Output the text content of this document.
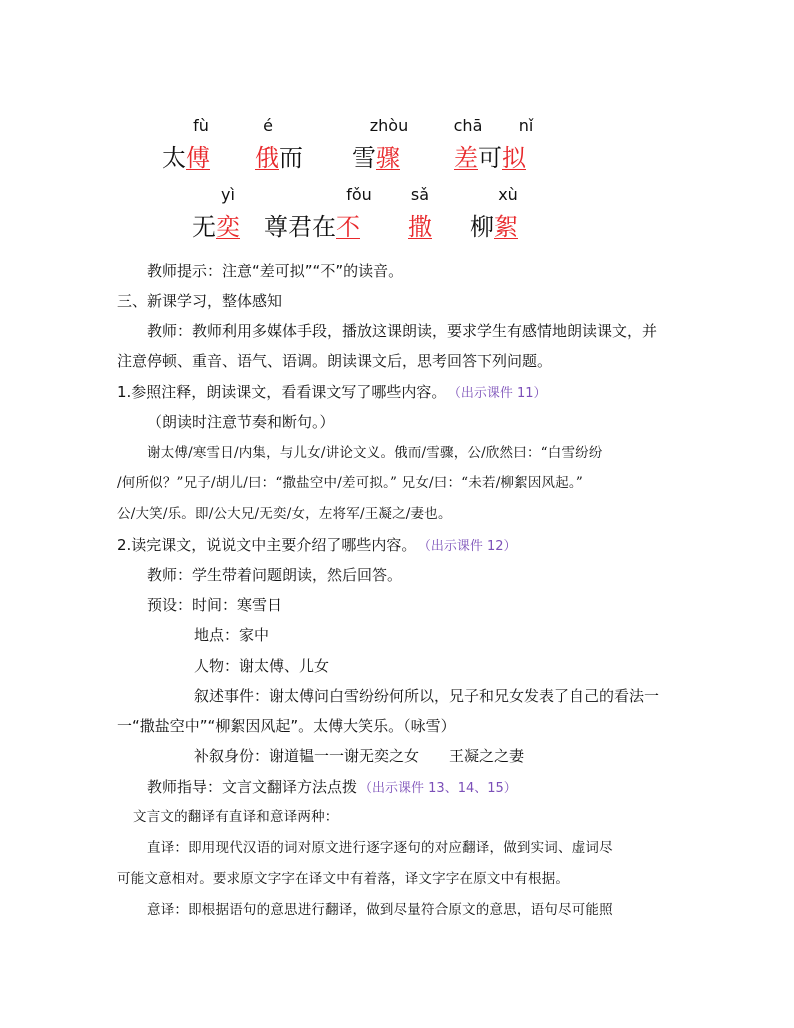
fù	é	zhòu	chā nǐ
太傅 俄而 雪骤 差可拟
yì	fǒu sǎ	xù
无奕 尊君在不 撒 柳絮
教师提示：注意“差可拟”“不”的读音。
三、新课学习，整体感知
教师：教师利用多媒体手段，播放这课朗读，要求学生有感情地朗读课文，并
注意停顿、重音、语气、语调。朗读课文后，思考回答下列问题。
1.参照注释，朗读课文，看看课文写了哪些内容。 （出示课件 11）
（朗读时注意节奏和断句。）
谢太傅/寒雪日/内集，与儿女/讲论文义。俄而/雪骤，公/欣然曰：“白雪纷纷
/何所似？”兄子/胡儿/曰：“撒盐空中/差可拟。” 兄女/曰：“未若/柳絮因风起。”
公/大笑/乐。即/公大兄/无奕/女，左将军/王凝之/妻也。
2.读完课文，说说文中主要介绍了哪些内容。 （出示课件 12）
教师：学生带着问题朗读，然后回答。
预设：时间：寒雪日
地点：家中
人物：谢太傅、儿女
叙述事件：谢太傅问白雪纷纷何所以，兄子和兄女发表了自己的看法一
一“撒盐空中”“柳絮因风起”。太傅大笑乐。（咏雪）
补叙身份：谢道韫一一谢无奕之女　　王凝之之妻
教师指导：文言文翻译方法点拨 （出示课件 13、14、15）
文言文的翻译有直译和意译两种：
直译：即用现代汉语的词对原文进行逐字逐句的对应翻译，做到实词、虚词尽
可能文意相对。要求原文字字在译文中有着落，译文字字在原文中有根据。
意译：即根据语句的意思进行翻译，做到尽量符合原文的意思，语句尽可能照
